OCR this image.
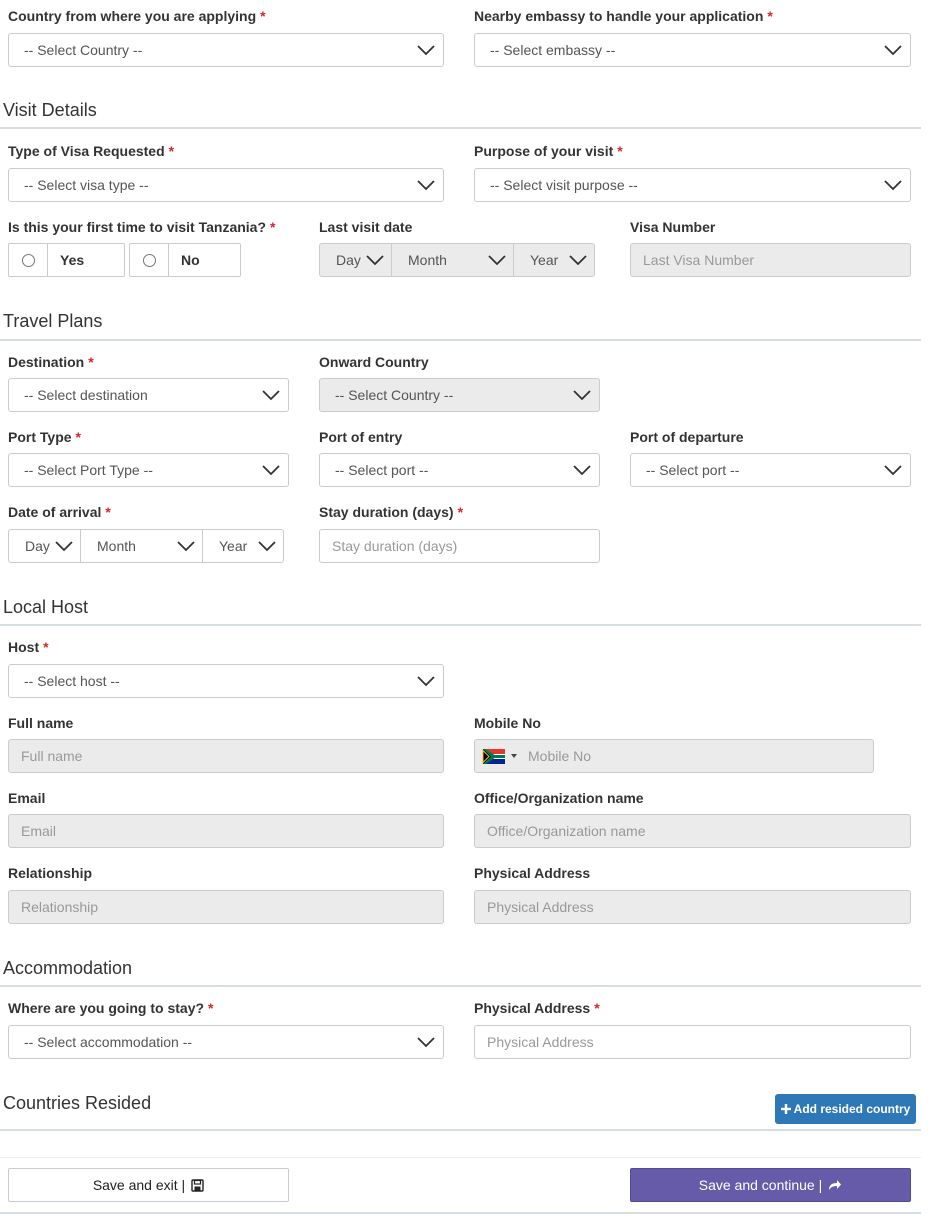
Country from where you are applying *
-- Select Country --
Nearby embassy to handle your application *
-- Select embassy --
Visit Details
Type of Visa Requested *
-- Select visa type --
Purpose of your visit *
-- Select visit purpose --
Is this your first time to visit Tanzania? *
Yes	No
Last visit date
Day	Month	Year
Visa Number
Last Visa Number
Travel Plans
Destination *
-- Select destination
Onward Country
-- Select Country --
Port Type *
-- Select Port Type --
Port of entry
-- Select port --
Port of departure
-- Select port --
Date of arrival *
Day	Month	Year
Stay duration (days) *
Stay duration (days)
Local Host
Host *
-- Select host --
Full name
Full name
Mobile No
Mobile No
Email
Email
Office/Organization name
Office/Organization name
Relationship
Relationship
Physical Address
Physical Address
Accommodation
Where are you going to stay? *
-- Select accommodation --
Physical Address *
Physical Address
Countries Resided	Add resided country
Save and exit |	Save and continue |
